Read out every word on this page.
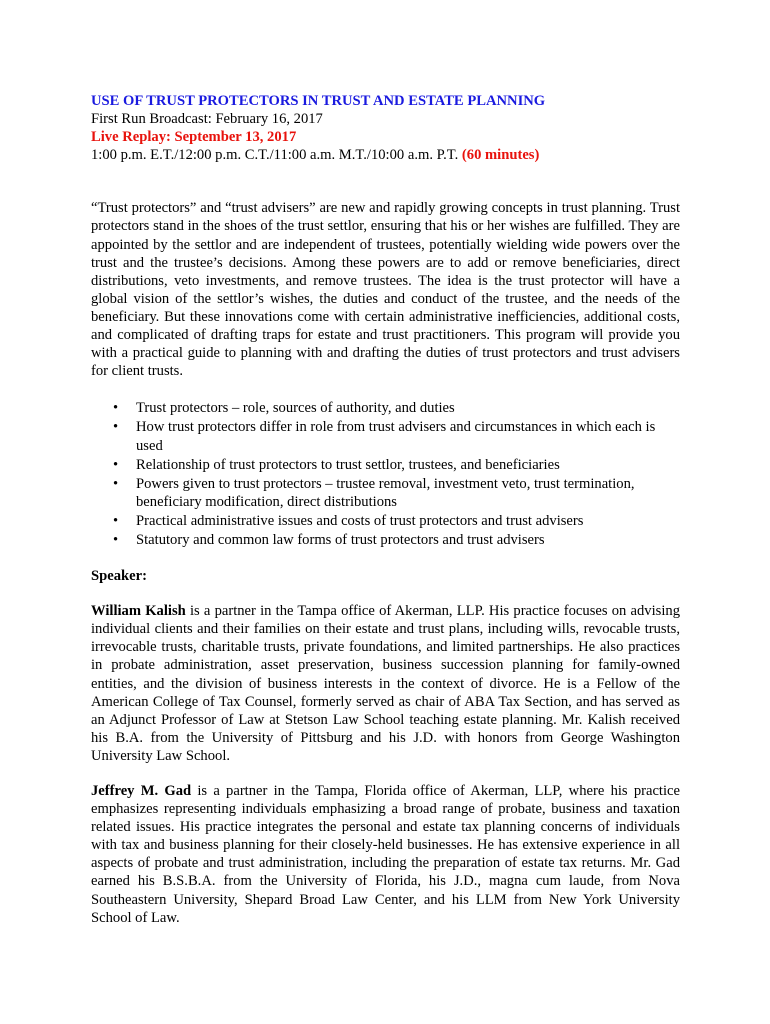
USE OF TRUST PROTECTORS IN TRUST AND ESTATE PLANNING
First Run Broadcast: February 16, 2017
Live Replay: September 13, 2017
1:00 p.m. E.T./12:00 p.m. C.T./11:00 a.m. M.T./10:00 a.m. P.T. (60 minutes)
“Trust protectors” and “trust advisers” are new and rapidly growing concepts in trust planning. Trust protectors stand in the shoes of the trust settlor, ensuring that his or her wishes are fulfilled. They are appointed by the settlor and are independent of trustees, potentially wielding wide powers over the trust and the trustee’s decisions. Among these powers are to add or remove beneficiaries, direct distributions, veto investments, and remove trustees. The idea is the trust protector will have a global vision of the settlor’s wishes, the duties and conduct of the trustee, and the needs of the beneficiary. But these innovations come with certain administrative inefficiencies, additional costs, and complicated of drafting traps for estate and trust practitioners. This program will provide you with a practical guide to planning with and drafting the duties of trust protectors and trust advisers for client trusts.
• Trust protectors – role, sources of authority, and duties
• How trust protectors differ in role from trust advisers and circumstances in which each is used
• Relationship of trust protectors to trust settlor, trustees, and beneficiaries
• Powers given to trust protectors – trustee removal, investment veto, trust termination, beneficiary modification, direct distributions
• Practical administrative issues and costs of trust protectors and trust advisers
• Statutory and common law forms of trust protectors and trust advisers
Speaker:
William Kalish is a partner in the Tampa office of Akerman, LLP. His practice focuses on advising individual clients and their families on their estate and trust plans, including wills, revocable trusts, irrevocable trusts, charitable trusts, private foundations, and limited partnerships. He also practices in probate administration, asset preservation, business succession planning for family-owned entities, and the division of business interests in the context of divorce. He is a Fellow of the American College of Tax Counsel, formerly served as chair of ABA Tax Section, and has served as an Adjunct Professor of Law at Stetson Law School teaching estate planning. Mr. Kalish received his B.A. from the University of Pittsburg and his J.D. with honors from George Washington University Law School.
Jeffrey M. Gad is a partner in the Tampa, Florida office of Akerman, LLP, where his practice emphasizes representing individuals emphasizing a broad range of probate, business and taxation related issues. His practice integrates the personal and estate tax planning concerns of individuals with tax and business planning for their closely-held businesses. He has extensive experience in all aspects of probate and trust administration, including the preparation of estate tax returns. Mr. Gad earned his B.S.B.A. from the University of Florida, his J.D., magna cum laude, from Nova Southeastern University, Shepard Broad Law Center, and his LLM from New York University School of Law.
